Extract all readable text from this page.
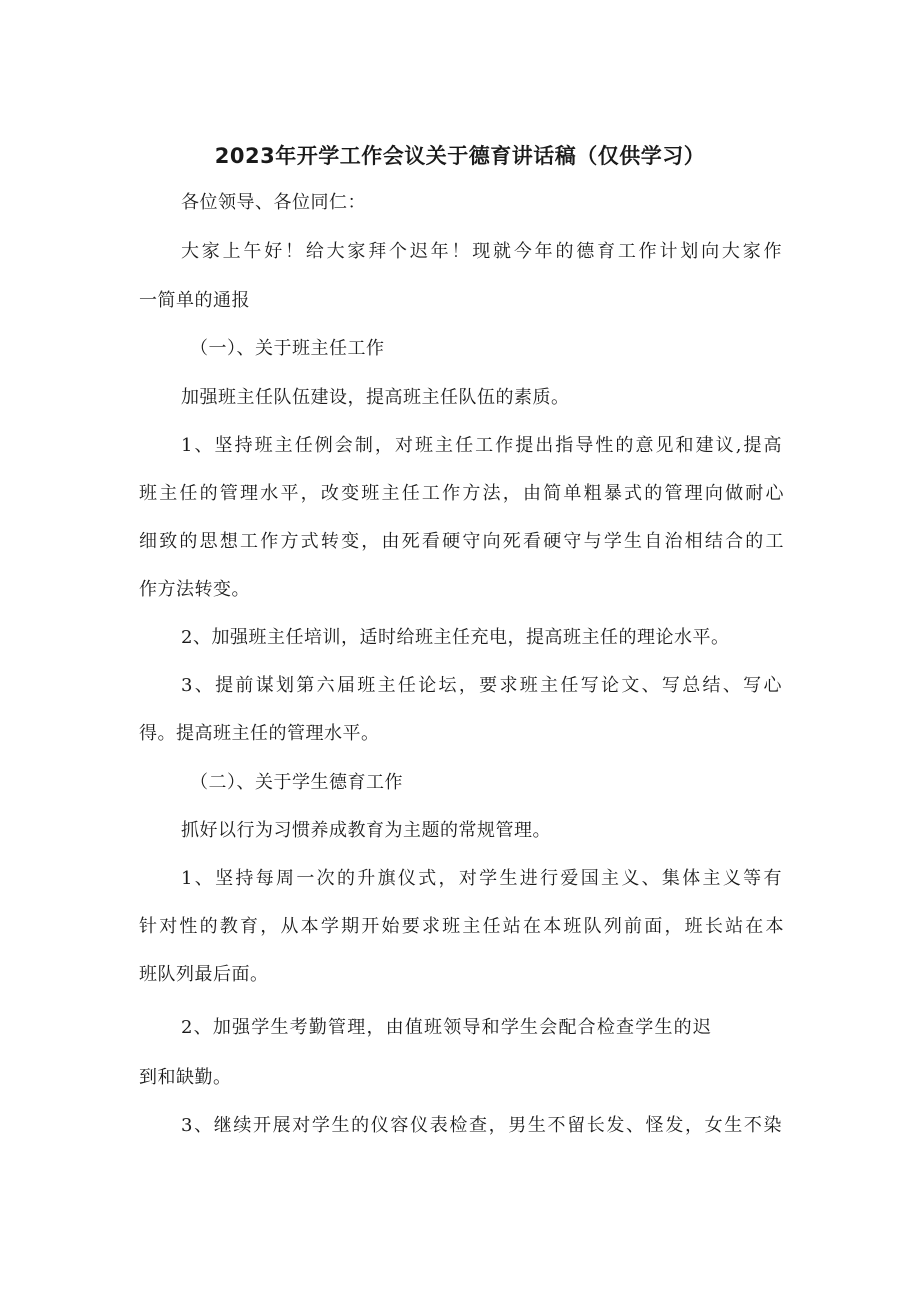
2023年开学工作会议关于德育讲话稿（仅供学习）
各位领导、各位同仁：
大家上午好！给大家拜个迟年！现就今年的德育工作计划向大家作
一简单的通报
（一）、关于班主任工作
加强班主任队伍建设，提高班主任队伍的素质。
1、坚持班主任例会制，对班主任工作提出指导性的意见和建议,提高
班主任的管理水平，改变班主任工作方法，由简单粗暴式的管理向做耐心
细致的思想工作方式转变，由死看硬守向死看硬守与学生自治相结合的工
作方法转变。
2、加强班主任培训，适时给班主任充电，提高班主任的理论水平。
3、提前谋划第六届班主任论坛，要求班主任写论文、写总结、写心
得。提高班主任的管理水平。
（二）、关于学生德育工作
抓好以行为习惯养成教育为主题的常规管理。
1、坚持每周一次的升旗仪式，对学生进行爱国主义、集体主义等有
针对性的教育，从本学期开始要求班主任站在本班队列前面，班长站在本
班队列最后面。
2、加强学生考勤管理，由值班领导和学生会配合检查学生的迟
到和缺勤。
3、继续开展对学生的仪容仪表检查，男生不留长发、怪发，女生不染
